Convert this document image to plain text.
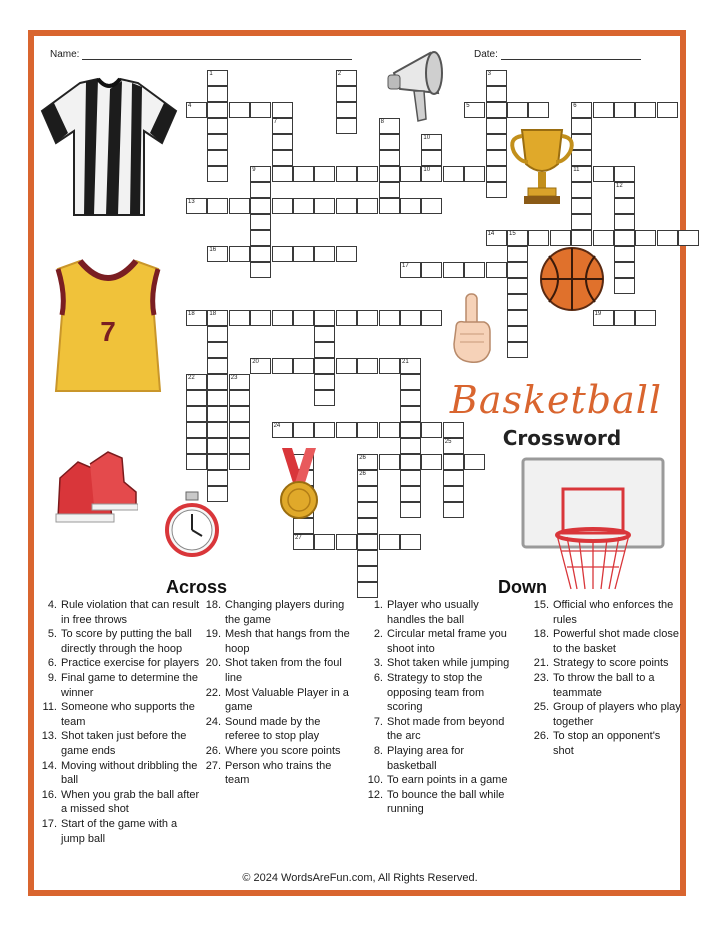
Name:	Date:
4	5	6
9	10	11
13
14 15
16
17
18 18	19
20	21
24
26
27
1	2	3
7	8
10
12
22	23
25
26
7
Basketball
Crossword
Across	Down
4. Rule violation that can result in free throws
5. To score by putting the ball directly through the hoop
6. Practice exercise for players
9. Final game to determine the winner
11. Someone who supports the team
13. Shot taken just before the game ends
14. Moving without dribbling the ball
16. When you grab the ball after a missed shot
17. Start of the game with a jump ball
18. Changing players during the game
19. Mesh that hangs from the hoop
20. Shot taken from the foul line
22. Most Valuable Player in a game
24. Sound made by the referee to stop play
26. Where you score points
27. Person who trains the team
1. Player who usually handles the ball
2. Circular metal frame you shoot into
3. Shot taken while jumping
6. Strategy to stop the opposing team from scoring
7. Shot made from beyond the arc
8. Playing area for basketball
10. To earn points in a game
12. To bounce the ball while running
15. Official who enforces the rules
18. Powerful shot made close to the basket
21. Strategy to score points
23. To throw the ball to a teammate
25. Group of players who play together
26. To stop an opponent's shot
© 2024 WordsAreFun.com, All Rights Reserved.
